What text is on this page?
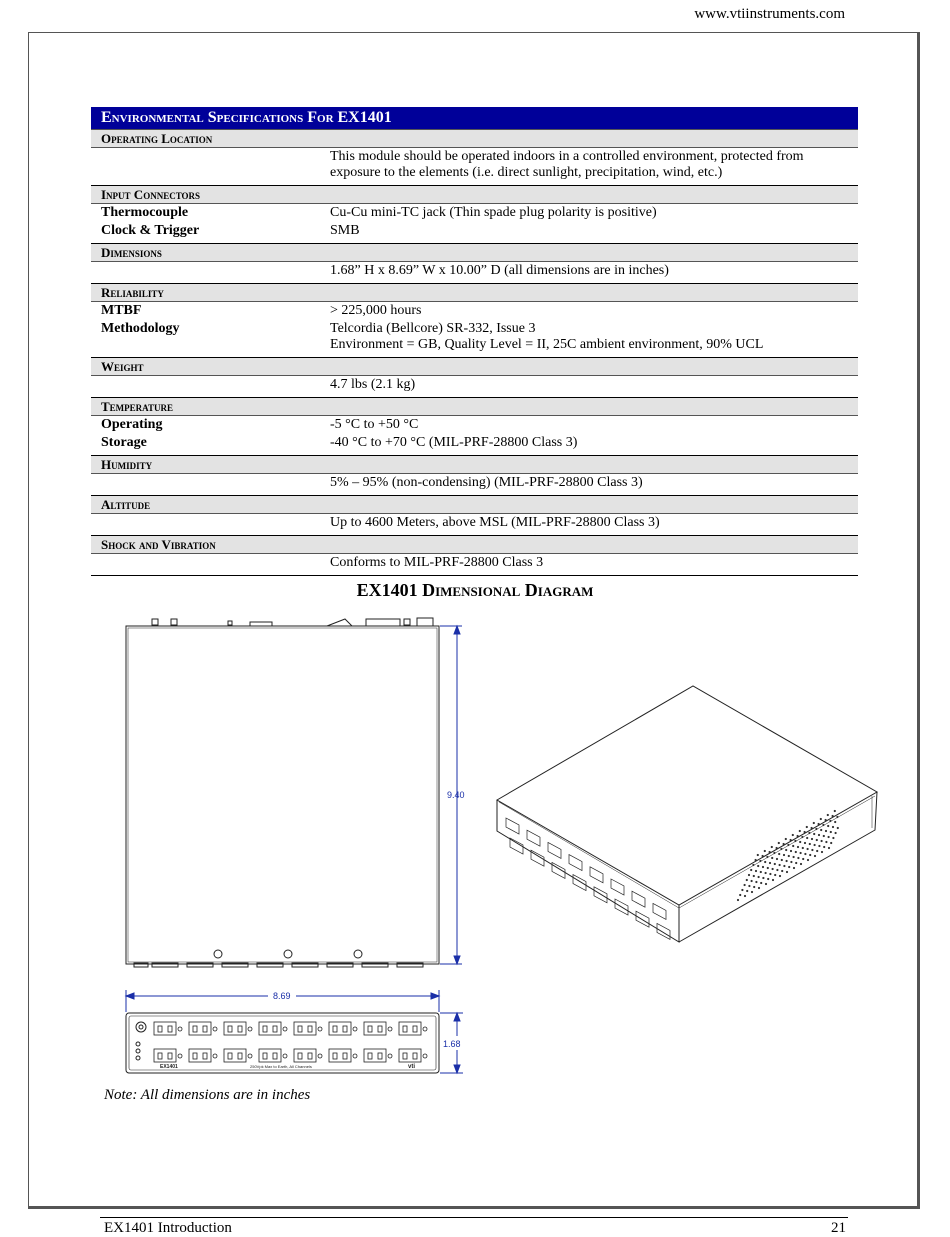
www.vtiinstruments.com
Environmental Specifications For EX1401
Operating Location	

	This module should be operated indoors in a controlled environment, protected from
exposure to the elements (i.e. direct sunlight, precipitation, wind, etc.)

Input Connectors	
Thermocouple	Cu-Cu mini-TC jack (Thin spade plug polarity is positive)

Clock & Trigger	SMB

Dimensions	

	1.68” H x 8.69” W x 10.00” D (all dimensions are in inches)

Reliability	
MTBF	> 225,000 hours

Methodology	Telcordia (Bellcore) SR-332, Issue 3
Environment = GB, Quality Level = II, 25C ambient environment, 90% UCL

Weight	

	4.7 lbs (2.1 kg)

Temperature	
Operating	-5 °C to +50 °C

Storage	-40 °C to +70 °C (MIL-PRF-28800 Class 3)

Humidity	

	5% – 95% (non-condensing) (MIL-PRF-28800 Class 3)

Altitude	

	Up to 4600 Meters, above MSL (MIL-PRF-28800 Class 3)

Shock and Vibration	

	Conforms to MIL-PRF-28800 Class 3
EX1401 Dimensional Diagram
9.40
8.69
EX1401	250Vpk Max to Earth, All Channels	vti
1.68
Note: All dimensions are in inches
EX1401 Introduction	21
